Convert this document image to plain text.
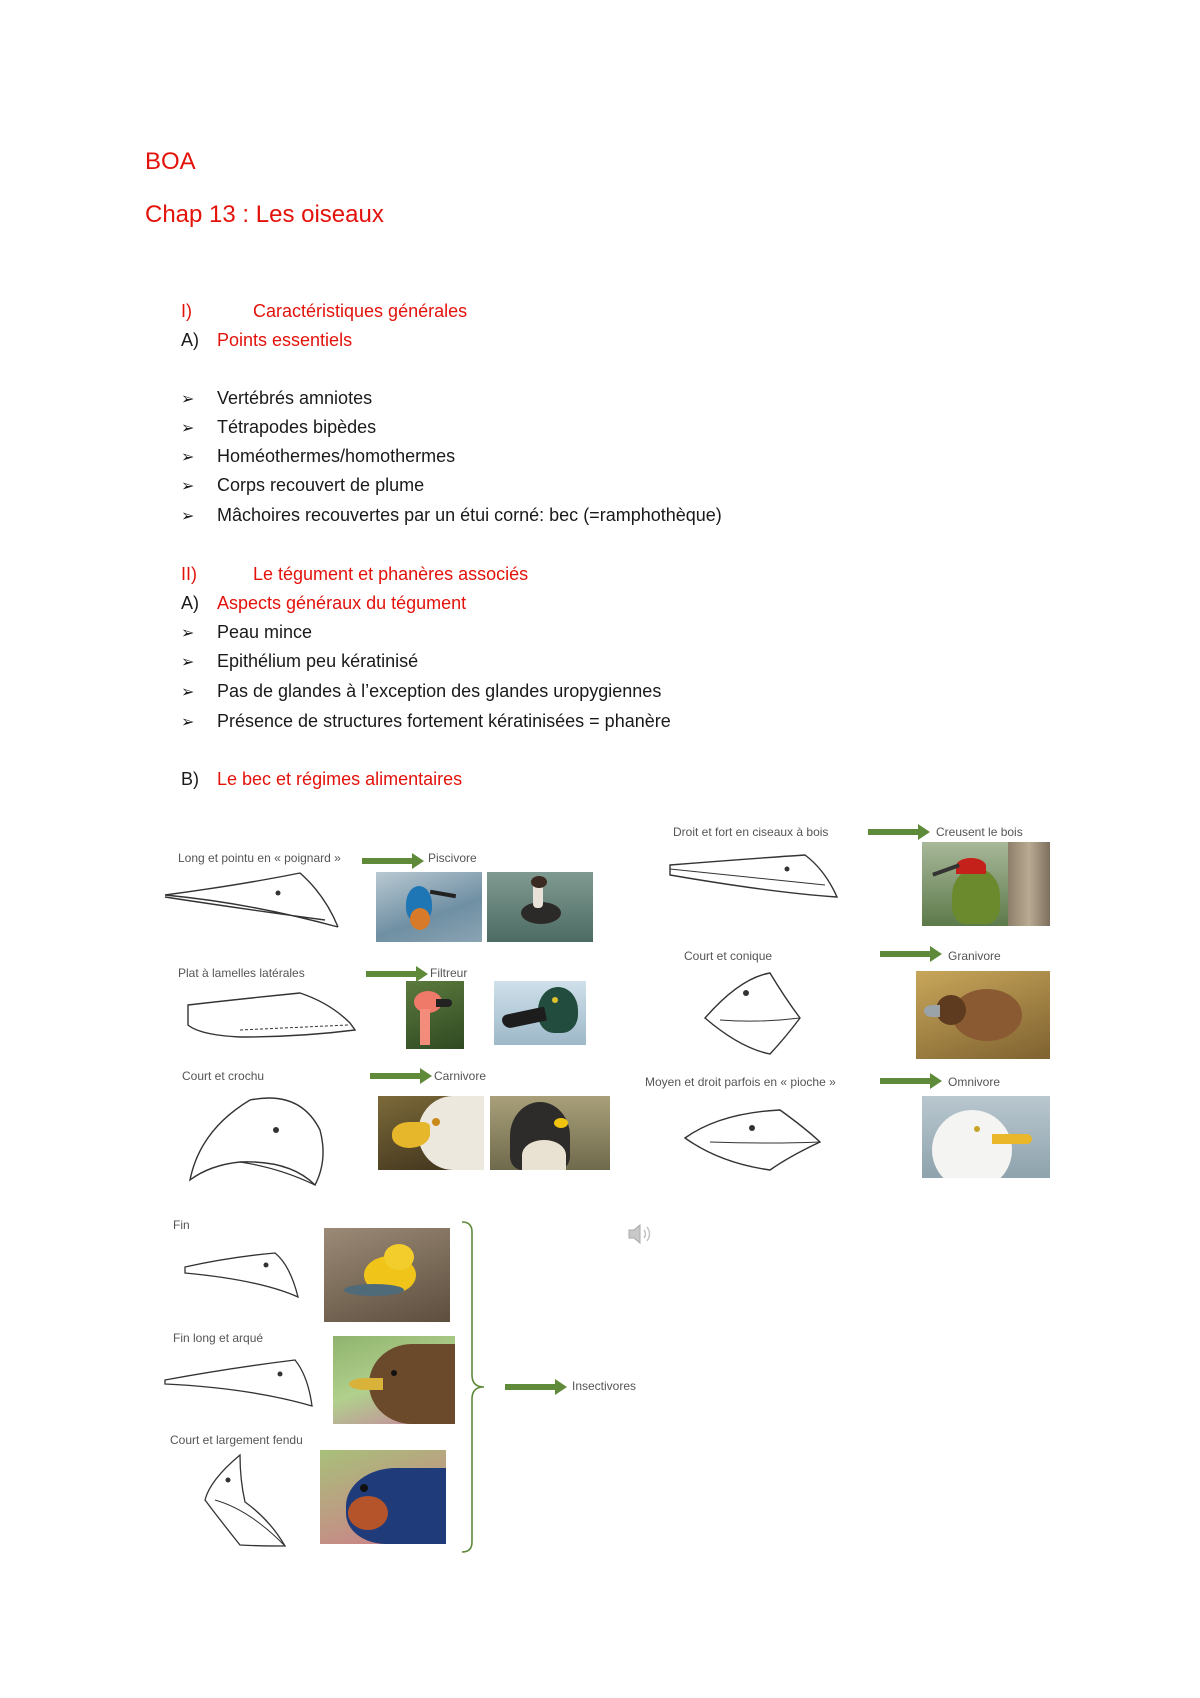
BOA
Chap 13 : Les oiseaux
I)	Caractéristiques générales
A) Points essentiels
➢ Vertébrés amniotes
➢ Tétrapodes bipèdes
➢ Homéothermes/homothermes
➢ Corps recouvert de plume
➢ Mâchoires recouvertes par un étui corné: bec (=ramphothèque)
II)	Le tégument et phanères associés
A) Aspects généraux du tégument
➢ Peau mince
➢ Epithélium peu kératinisé
➢ Pas de glandes à l’exception des glandes uropygiennes
➢ Présence de structures fortement kératinisées = phanère
B) Le bec et régimes alimentaires
Long et pointu en « poignard »	Piscivore
Plat à lamelles latérales	Filtreur
Court et crochu	Carnivore
Droit et fort en ciseaux à bois	Creusent le bois
Court et conique	Granivore
Moyen et droit parfois en « pioche »	Omnivore
Fin
Fin long et arqué
Court et largement fendu
Insectivores
